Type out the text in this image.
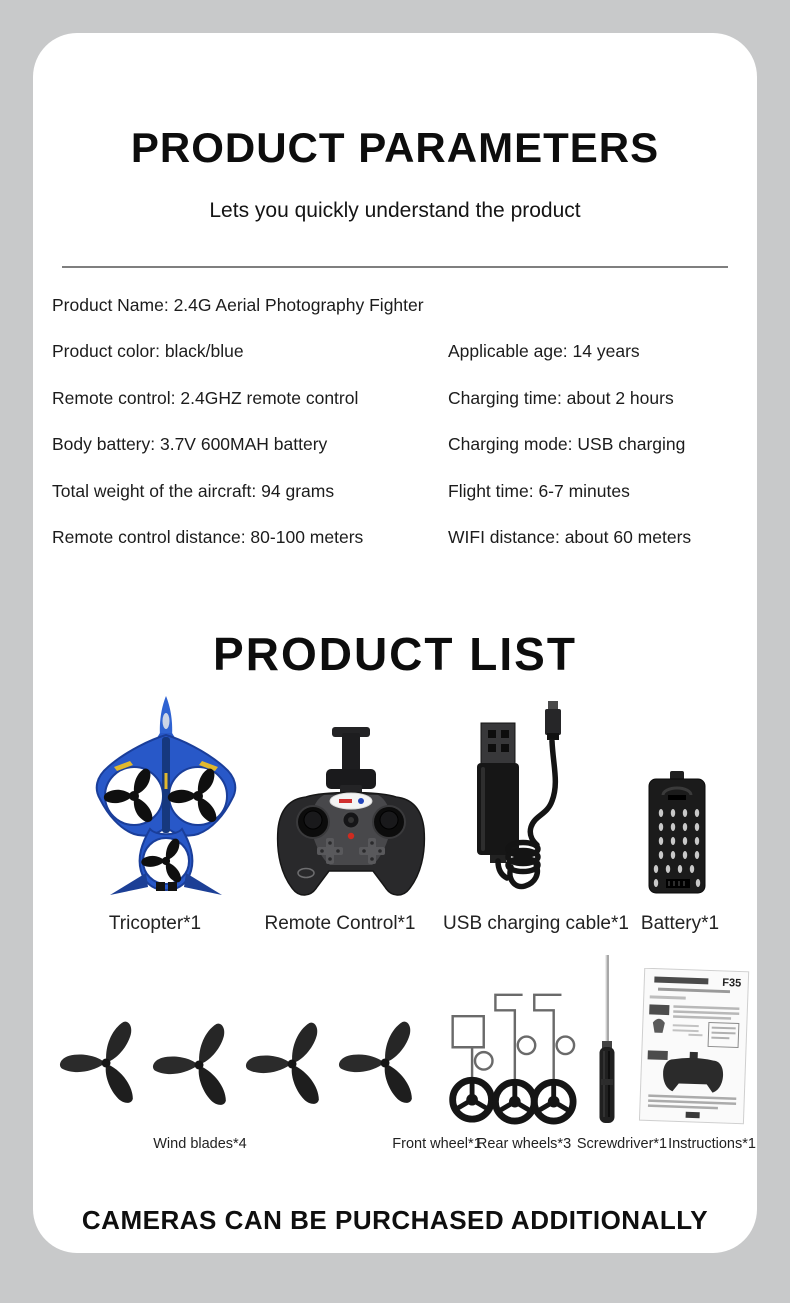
PRODUCT PARAMETERS
Lets you quickly understand the product
Product Name: 2.4G Aerial Photography Fighter
Product color: black/blue	Applicable age: 14 years
Remote control: 2.4GHZ remote control	Charging time: about 2 hours
Body battery: 3.7V 600MAH battery	Charging mode: USB charging
Total weight of the aircraft: 94 grams	Flight time: 6-7 minutes
Remote control distance: 80-100 meters	WIFI distance: about 60 meters
PRODUCT LIST
Tricopter*1	Remote Control*1 USB charging cable*1 Battery*1
F35
Wind blades*4	Front wheel*1
Rear wheels*3 Screwdriver*1 Instructions*1
CAMERAS CAN BE PURCHASED ADDITIONALLY
